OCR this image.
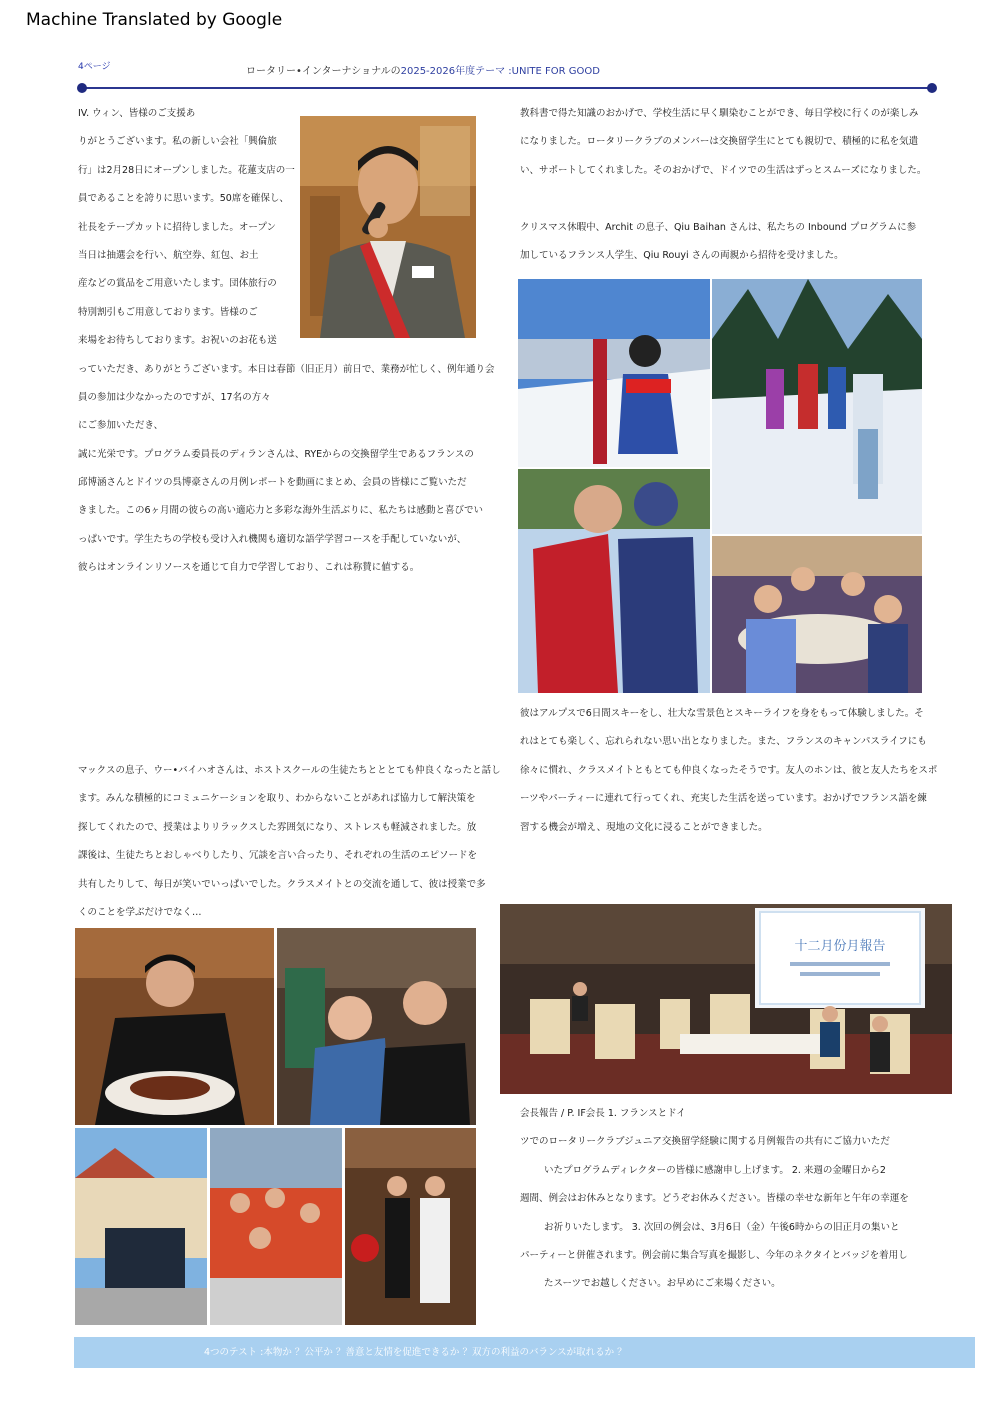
Machine Translated by Google
4ページ	ロータリー•インターナショナルの2025-2026年度テーマ :UNITE FOR GOOD
IV. ウィン、皆様のご支援あ
りがとうございます。私の新しい会社「興倫旅
行」は2月28日にオープンしました。花蓮支店の一
員であることを誇りに思います。50席を確保し、
社長をテープカットに招待しました。オープン
当日は抽選会を行い、航空券、紅包、お土
産などの賞品をご用意いたします。団体旅行の
特別割引もご用意しております。皆様のご
来場をお待ちしております。お祝いのお花も送
っていただき、ありがとうございます。本日は春節（旧正月）前日で、業務が忙しく、例年通り会
員の参加は少なかったのですが、17名の方々
にご参加いただき、
誠に光栄です。プログラム委員長のディランさんは、RYEからの交換留学生であるフランスの
邱博涵さんとドイツの呉博豪さんの月例レポートを動画にまとめ、会員の皆様にご覧いただ
きました。この6ヶ月間の彼らの高い適応力と多彩な海外生活ぶりに、私たちは感動と喜びでい
っぱいです。学生たちの学校も受け入れ機関も適切な語学学習コースを手配していないが、
彼らはオンラインリソースを通じて自力で学習しており、これは称賛に値する。
教科書で得た知識のおかげで、学校生活に早く馴染むことができ、毎日学校に行くのが楽しみ
になりました。ロータリークラブのメンバーは交換留学生にとても親切で、積極的に私を気遣
い、サポートしてくれました。そのおかげで、ドイツでの生活はずっとスムーズになりました。
クリスマス休暇中、Archit の息子、Qiu Baihan さんは、私たちの Inbound プログラムに参
加しているフランス人学生、Qiu Rouyi さんの両親から招待を受けました。
彼はアルプスで6日間スキーをし、壮大な雪景色とスキーライフを身をもって体験しました。そ
れはとても楽しく、忘れられない思い出となりました。また、フランスのキャンパスライフにも
徐々に慣れ、クラスメイトともとても仲良くなったそうです。友人のホンは、彼と友人たちをスポ
ーツやパーティーに連れて行ってくれ、充実した生活を送っています。おかげでフランス語を練
習する機会が増え、現地の文化に浸ることができました。
マックスの息子、ウー•バイハオさんは、ホストスクールの生徒たちとととても仲良くなったと話し
ます。みんな積極的にコミュニケーションを取り、わからないことがあれば協力して解決策を
探してくれたので、授業はよりリラックスした雰囲気になり、ストレスも軽減されました。放
課後は、生徒たちとおしゃべりしたり、冗談を言い合ったり、それぞれの生活のエピソードを
共有したりして、毎日が笑いでいっぱいでした。クラスメイトとの交流を通して、彼は授業で多
くのことを学ぶだけでなく…
十二月份月報告
会長報告 / P. IF会長 1. フランスとドイ
ツでのロータリークラブジュニア交換留学経験に関する月例報告の共有にご協力いただ
いたプログラムディレクターの皆様に感謝申し上げます。 2. 来週の金曜日から2
週間、例会はお休みとなります。どうぞお休みください。皆様の幸せな新年と午年の幸運を
お祈りいたします。 3. 次回の例会は、3月6日（金）午後6時からの旧正月の集いと
パーティーと併催されます。例会前に集合写真を撮影し、今年のネクタイとバッジを着用し
たスーツでお越しください。お早めにご来場ください。
4つのテスト :本物か ？公平か ？善意と友情を促進できるか ？双方の利益のバランスが取れるか ？
